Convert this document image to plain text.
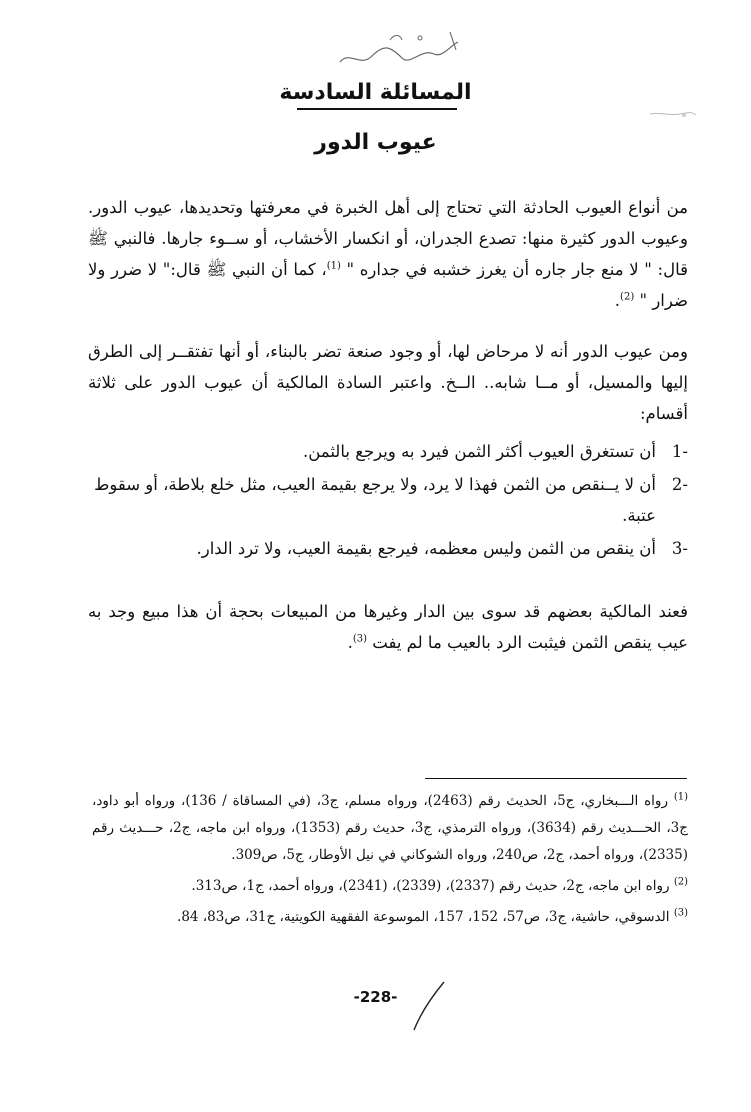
المسائلة السادسة
عيوب الدور

من أنواع العيوب الحادثة التي تحتاج إلى أهل الخبرة في معرفتها وتحديدها، عيوب الدور. وعيوب الدور كثيرة منها: تصدع الجدران، أو انكسار الأخشاب، أو ســوء جارها. فالنبي ﷺ قال: " لا منع جار جاره أن يغرز خشبه في جداره " $^{(1)}$، كما أن النبي ﷺ قال:" لا ضرر ولا ضرار " $^{(2)}$.

ومن عيوب الدور أنه لا مرحاض لها، أو وجود صنعة تضر بالبناء، أو أنها تفتقــر إلى الطرق إليها والمسيل، أو مــا شابه.. الــخ. واعتبر السادة المالكية أن عيوب الدور على ثلاثة أقسام:

-1
أن تستغرق العيوب أكثر الثمن فيرد به ويرجع بالثمن.
-2
أن لا يــنقص من الثمن فهذا لا يرد، ولا يرجع بقيمة العيب، مثل خلع بلاطة، أو سقوط عتبة.
-3
أن ينقص من الثمن وليس معظمه، فيرجع بقيمة العيب، ولا ترد الدار.

فعند المالكية بعضهم قد سوى بين الدار وغيرها من المبيعات بحجة أن هذا مبيع وجد به عيب ينقص الثمن فيثبت الرد بالعيب ما لم يفت $^{(3)}$.

$^{(1)}$ رواه الـــبخاري، ج5، الحديث رقم (2463)، ورواه مسلم، ج3، (في المساقاة / 136)، ورواه أبو داود، ج3، الحـــديث رقم (3634)، ورواه الترمذي، ج3، حديث رقم (1353)، ورواه ابن ماجه، ج2، حـــديث رقم (2335)، ورواه أحمد، ج2، ص240، ورواه الشوكاني في نيل الأوطار، ج5، ص309.

$^{(2)}$ رواه ابن ماجه، ج2، حديث رقم (2337)، (2339)، (2341)، ورواه أحمد، ج1، ص313.

$^{(3)}$ الدسوقي، حاشية، ج3، ص57، 152، 157، الموسوعة الفقهية الكويتية، ج31، ص83، 84.

-228-
